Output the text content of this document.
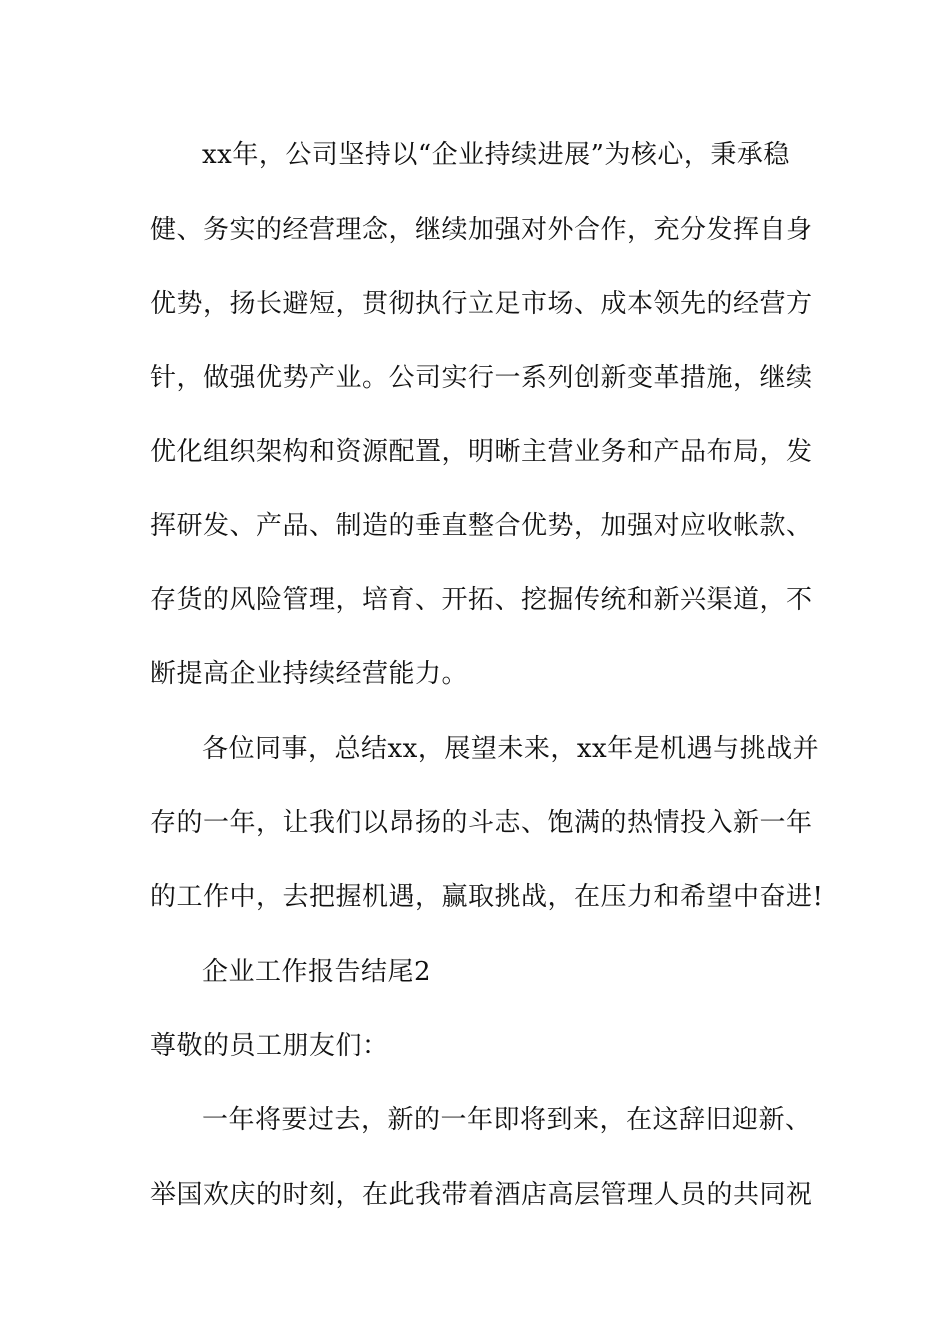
xx年，公司坚持以“企业持续进展”为核心，秉承稳
健、务实的经营理念，继续加强对外合作，充分发挥自身
优势，扬长避短，贯彻执行立足市场、成本领先的经营方
针，做强优势产业。公司实行一系列创新变革措施，继续
优化组织架构和资源配置，明晰主营业务和产品布局，发
挥研发、产品、制造的垂直整合优势，加强对应收帐款、
存货的风险管理，培育、开拓、挖掘传统和新兴渠道，不
断提高企业持续经营能力。
各位同事，总结xx，展望未来，xx年是机遇与挑战并
存的一年，让我们以昂扬的斗志、饱满的热情投入新一年
的工作中，去把握机遇，赢取挑战，在压力和希望中奋进!
企业工作报告结尾2
尊敬的员工朋友们：
一年将要过去，新的一年即将到来，在这辞旧迎新、
举国欢庆的时刻，在此我带着酒店高层管理人员的共同祝
